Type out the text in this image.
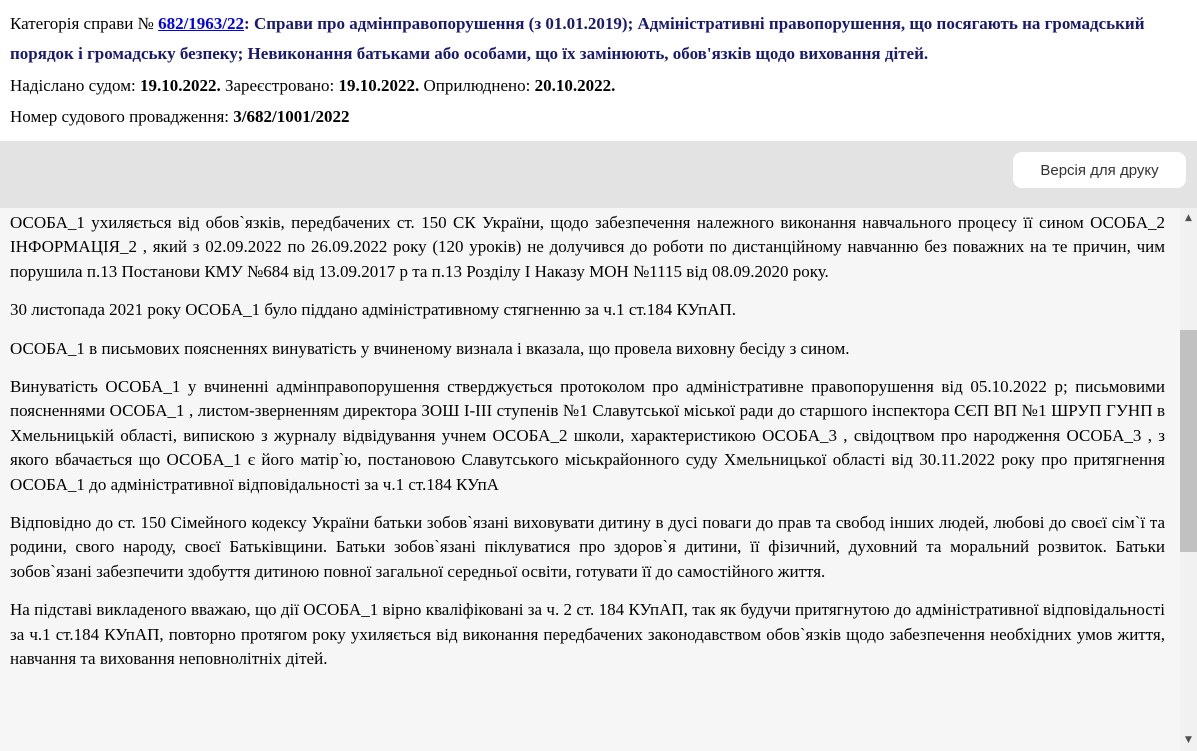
Категорія справи № 682/1963/22: Справи про адмінправопорушення (з 01.01.2019); Адміністративні правопорушення, що посягають на громадський порядок і громадську безпеку; Невиконання батьками або особами, що їх замінюють, обов'язків щодо виховання дітей.
Надіслано судом: 19.10.2022. Зареєстровано: 19.10.2022. Оприлюднено: 20.10.2022.
Номер судового провадження: 3/682/1001/2022
Версія для друку

ОСОБА_1 ухиляється від обов`язків, передбачених ст. 150 СК України, щодо забезпечення належного виконання навчального процесу її сином ОСОБА_2 ІНФОРМАЦІЯ_2 , який з 02.09.2022 по 26.09.2022 року (120 уроків) не долучився до роботи по дистанційному навчанню без поважних на те причин, чим порушила п.13 Постанови КМУ №684 від 13.09.2017 р та п.13 Розділу І Наказу МОН №1115 від 08.09.2020 року.

30 листопада 2021 року ОСОБА_1 було піддано адміністративному стягненню за ч.1 ст.184 КУпАП.

ОСОБА_1 в письмових поясненнях винуватість у вчиненому визнала і вказала, що провела виховну бесіду з сином.

Винуватість ОСОБА_1 у вчиненні адмінправопорушення стверджується протоколом про адміністративне правопорушення від 05.10.2022 р; письмовими поясненнями ОСОБА_1 , листом-зверненням директора ЗОШ І-ІІІ ступенів №1 Славутської міської ради до старшого інспектора СЄП ВП №1 ШРУП ГУНП в Хмельницькій області, випискою з журналу відвідування учнем ОСОБА_2 школи, характеристикою ОСОБА_3 , свідоцтвом про народження ОСОБА_3 , з якого вбачається що ОСОБА_1 є його матір`ю, постановою Славутського міськрайонного суду Хмельницької області від 30.11.2022 року про притягнення ОСОБА_1 до адміністративної відповідальності за ч.1 ст.184 КУпА

Відповідно до ст. 150 Сімейного кодексу України батьки зобов`язані виховувати дитину в дусі поваги до прав та свобод інших людей, любові до своєї сім`ї та родини, свого народу, своєї Батьківщини. Батьки зобов`язані піклуватися про здоров`я дитини, її фізичний, духовний та моральний розвиток. Батьки зобов`язані забезпечити здобуття дитиною повної загальної середньої освіти, готувати її до самостійного життя.

На підставі викладеного вважаю, що дії ОСОБА_1 вірно кваліфіковані за ч. 2 ст. 184 КУпАП, так як будучи притягнутою до адміністративної відповідальності за ч.1 ст.184 КУпАП, повторно протягом року ухиляється від виконання передбачених законодавством обов`язків щодо забезпечення необхідних умов життя, навчання та виховання неповнолітніх дітей.

▲
▼
